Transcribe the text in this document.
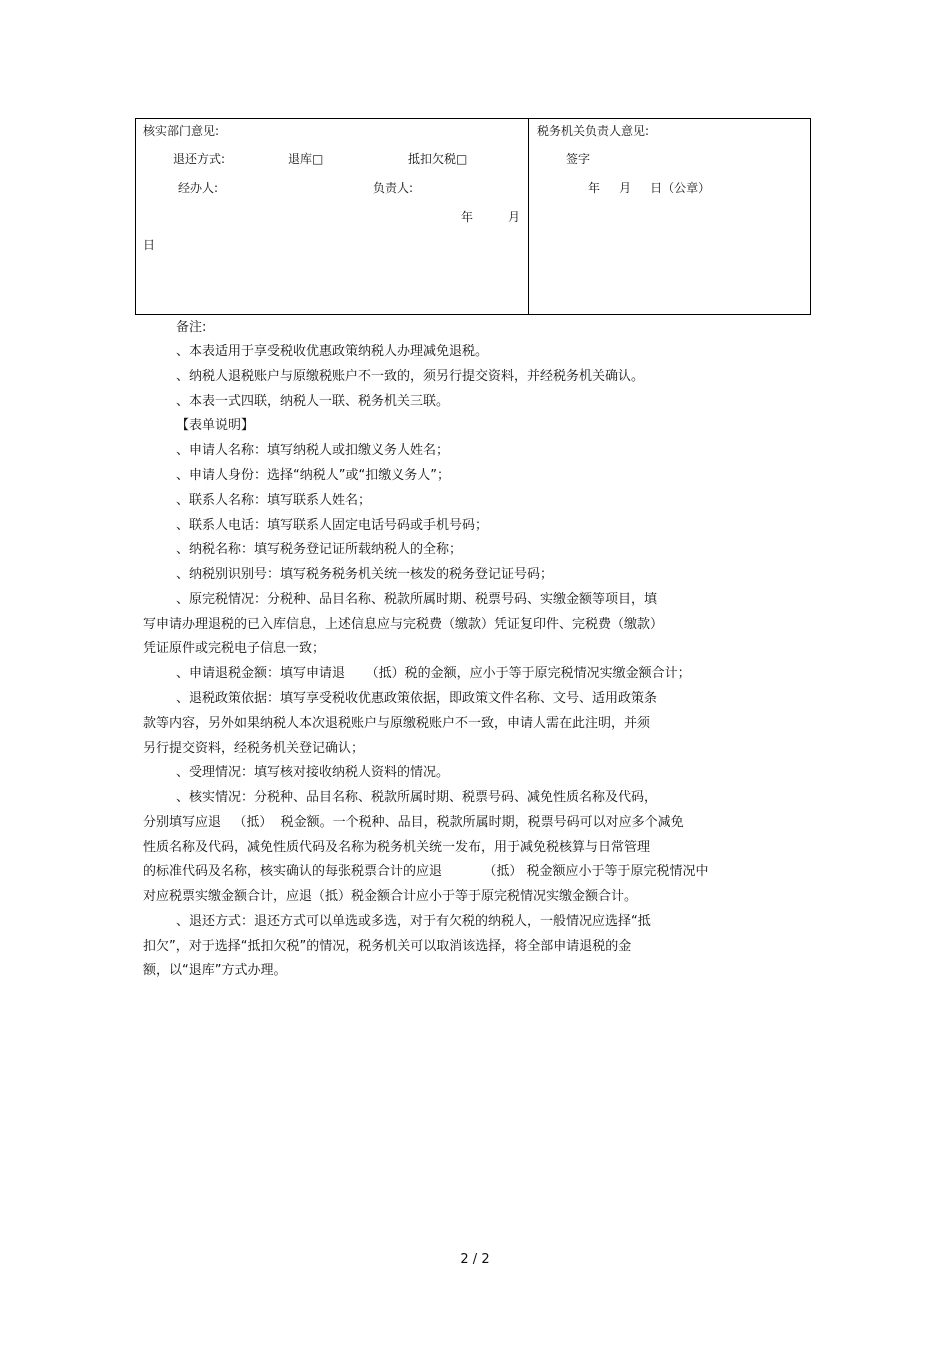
核实部门意见:
退还方式:	退库□	抵扣欠税□
经办人:	负责人:
年	月
日
税务机关负责人意见:
签字
年     月     日（公章）
备注:
、本表适用于享受税收优惠政策纳税人办理减免退税。
、纳税人退税账户与原缴税账户不一致的，须另行提交资料，并经税务机关确认。
、本表一式四联，纳税人一联、税务机关三联。
【表单说明】
、申请人名称：填写纳税人或扣缴义务人姓名；
、申请人身份：选择“纳税人”或“扣缴义务人”；
、联系人名称：填写联系人姓名；
、联系人电话：填写联系人固定电话号码或手机号码；
、纳税名称：填写税务登记证所载纳税人的全称；
、纳税别识别号：填写税务税务机关统一核发的税务登记证号码；
、原完税情况：分税种、品目名称、税款所属时期、税票号码、实缴金额等项目，填
写申请办理退税的已入库信息，上述信息应与完税费（缴款）凭证复印件、完税费（缴款）
凭证原件或完税电子信息一致；
、申请退税金额：填写申请退     （抵）税的金额，应小于等于原完税情况实缴金额合计；
、退税政策依据：填写享受税收优惠政策依据，即政策文件名称、文号、适用政策条
款等内容，另外如果纳税人本次退税账户与原缴税账户不一致，申请人需在此注明，并须
另行提交资料，经税务机关登记确认；
、受理情况：填写核对接收纳税人资料的情况。
、核实情况：分税种、品目名称、税款所属时期、税票号码、减免性质名称及代码，
分别填写应退   （抵）  税金额。一个税种、品目，税款所属时期，税票号码可以对应多个减免
性质名称及代码，减免性质代码及名称为税务机关统一发布，用于减免税核算与日常管理
的标准代码及名称，核实确认的每张税票合计的应退          （抵） 税金额应小于等于原完税情况中
对应税票实缴金额合计，应退（抵）税金额合计应小于等于原完税情况实缴金额合计。
、退还方式：退还方式可以单选或多选，对于有欠税的纳税人，一般情况应选择“抵
扣欠”，对于选择“抵扣欠税”的情况，税务机关可以取消该选择，将全部申请退税的金
额，以“退库”方式办理。
2 / 2
